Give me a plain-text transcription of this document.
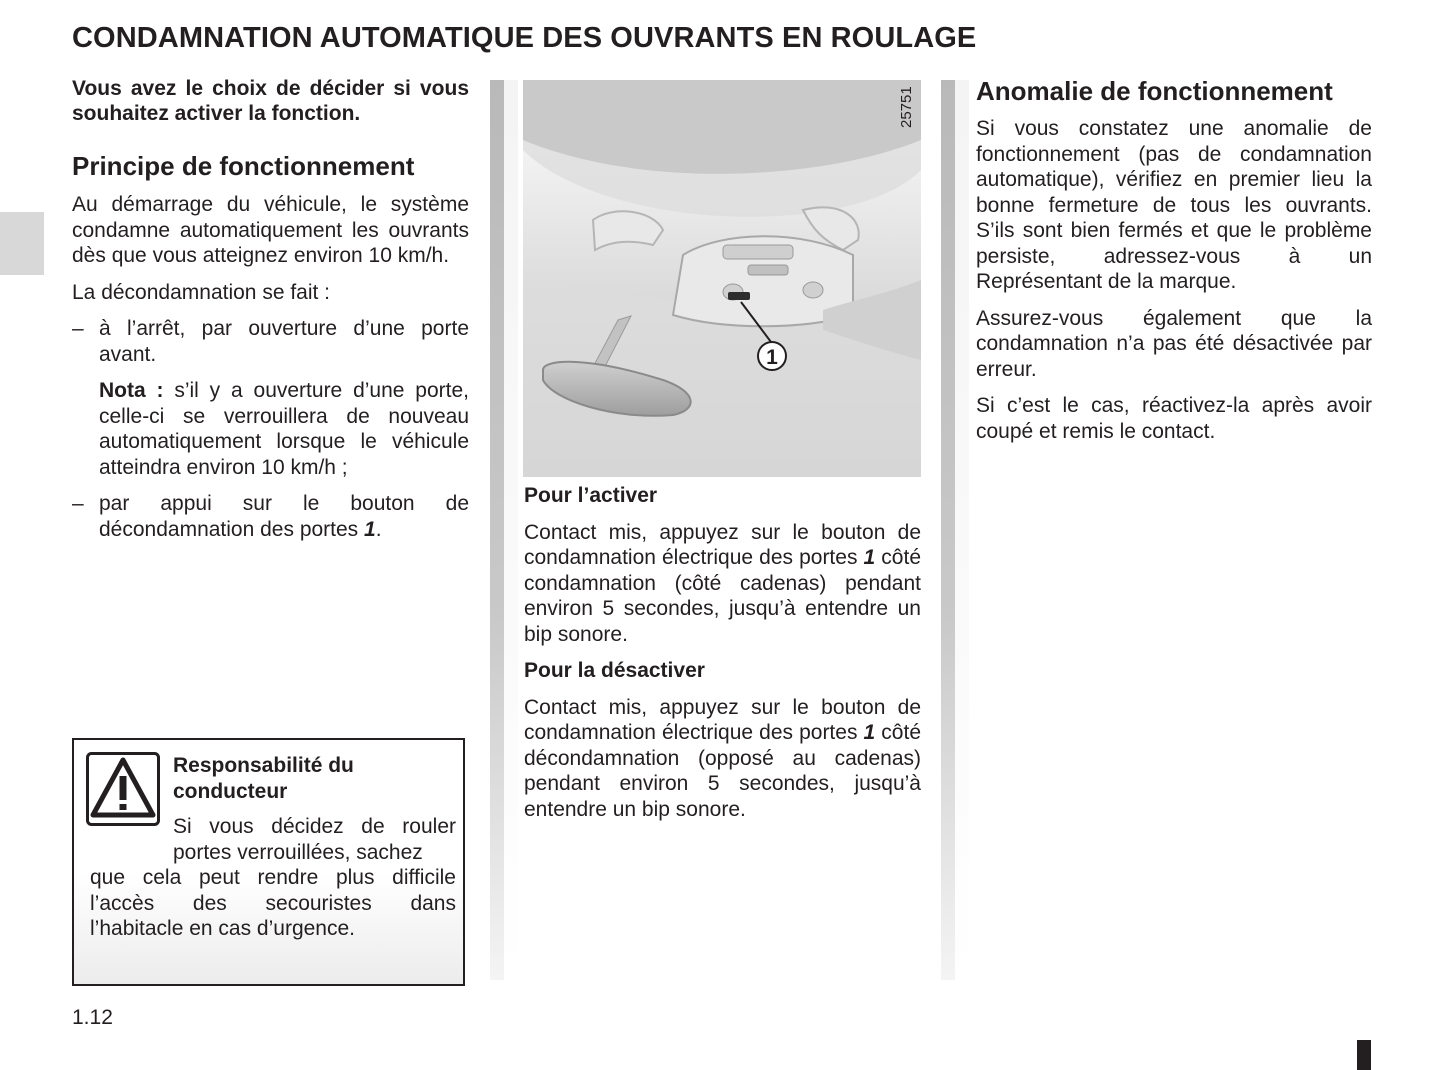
CONDAMNATION AUTOMATIQUE DES OUVRANTS EN ROULAGE

Vous avez le choix de décider si vous souhaitez activer la fonction.

Principe de fonctionnement

Au démarrage du véhicule, le système condamne automatiquement les ouvrants dès que vous atteignez environ 10 km/h.

La décondamnation se fait :

– à l’arrêt, par ouverture d’une porte avant.

Nota : s’il y a ouverture d’une porte, celle-ci se verrouillera de nouveau automatiquement lorsque le véhicule atteindra environ 10 km/h ;

– par appui sur le bouton de décondamnation des portes 1.

Responsabilité du conducteur
Si vous décidez de rouler portes verrouillées, sachez
que cela peut rendre plus difficile l’accès des secouristes dans l’habitacle en cas d’urgence.
1
25751

Pour l’activer

Contact mis, appuyez sur le bouton de condamnation électrique des portes 1 côté condamnation (côté cadenas) pendant environ 5 secondes, jusqu’à entendre un bip sonore.

Pour la désactiver

Contact mis, appuyez sur le bouton de condamnation électrique des portes 1 côté décondamnation (opposé au cadenas) pendant environ 5 secondes, jusqu’à entendre un bip sonore.

Anomalie de fonctionnement

Si vous constatez une anomalie de fonctionnement (pas de condamnation automatique), vérifiez en premier lieu la bonne fermeture de tous les ouvrants. S’ils sont bien fermés et que le problème persiste, adressez-vous à un Représentant de la marque.

Assurez-vous également que la condamnation n’a pas été désactivée par erreur.

Si c’est le cas, réactivez-la après avoir coupé et remis le contact.

1.12
